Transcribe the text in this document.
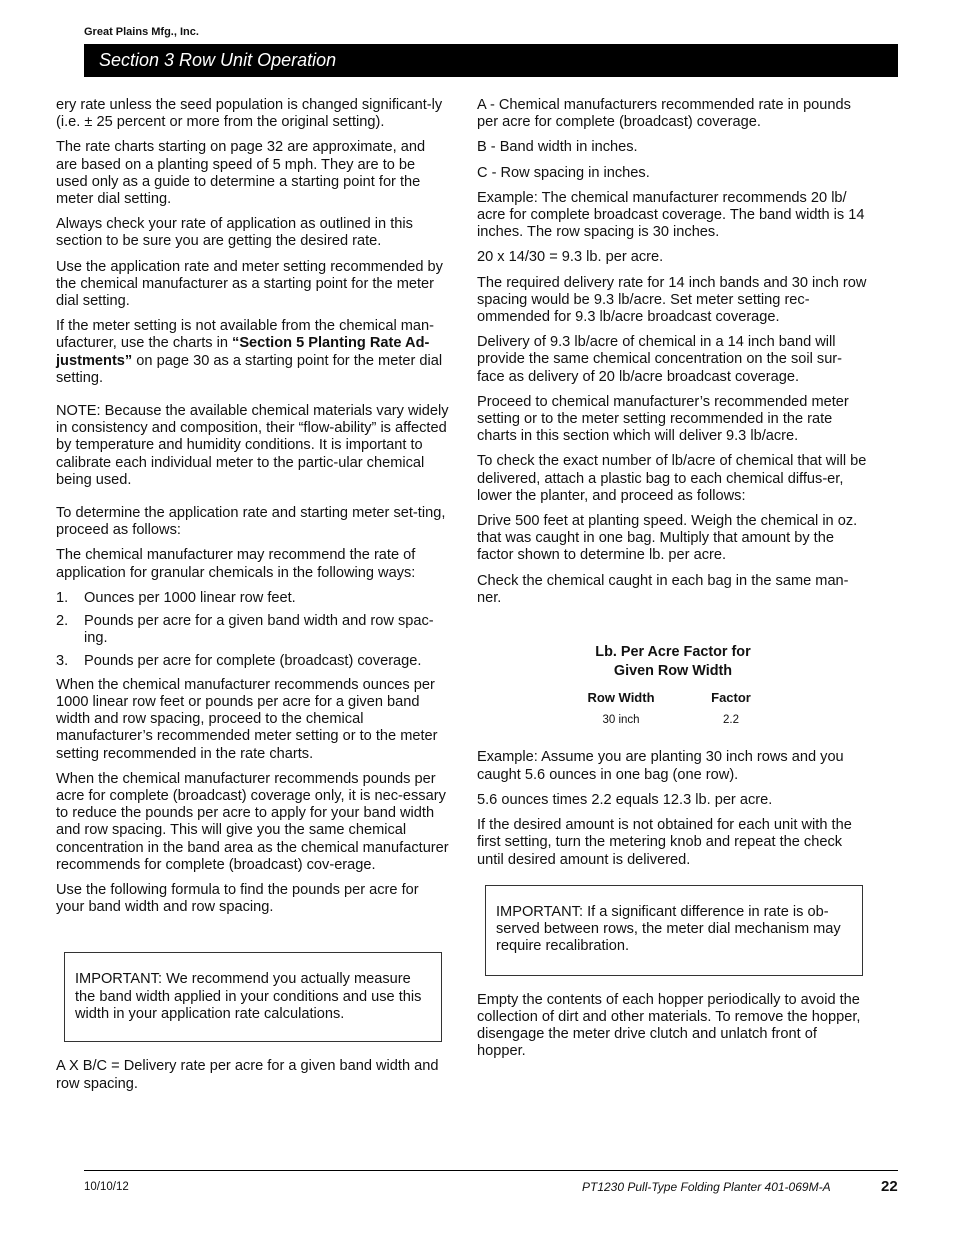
Great Plains Mfg., Inc.
Section 3 Row Unit Operation

ery rate unless the seed population is changed significant-ly (i.e. ± 25 percent or more from the original setting).

The rate charts starting on page 32 are approximate, and are based on a planting speed of 5 mph. They are to be used only as a guide to determine a starting point for the meter dial setting.

Always check your rate of application as outlined in this section to be sure you are getting the desired rate.

Use the application rate and meter setting recommended by the chemical manufacturer as a starting point for the meter dial setting.

If the meter setting is not available from the chemical man-ufacturer, use the charts in “Section 5 Planting Rate Ad-justments” on page 30 as a starting point for the meter dial setting.

NOTE: Because the available chemical materials vary widely in consistency and composition, their “flow-ability” is affected by temperature and humidity conditions. It is important to calibrate each individual meter to the partic-ular chemical being used.

To determine the application rate and starting meter set-ting, proceed as follows:

The chemical manufacturer may recommend the rate of application for granular chemicals in the following ways:

1. Ounces per 1000 linear row feet.
2. Pounds per acre for a given band width and row spac-ing.
3. Pounds per acre for complete (broadcast) coverage.

When the chemical manufacturer recommends ounces per 1000 linear row feet or pounds per acre for a given band width and row spacing, proceed to the chemical manufacturer’s recommended meter setting or to the meter setting recommended in the rate charts.

When the chemical manufacturer recommends pounds per acre for complete (broadcast) coverage only, it is nec-essary to reduce the pounds per acre to apply for your band width and row spacing. This will give you the same chemical concentration in the band area as the chemical manufacturer recommends for complete (broadcast) cov-erage.

Use the following formula to find the pounds per acre for your band width and row spacing.

IMPORTANT: We recommend you actually measure the band width applied in your conditions and use this width in your application rate calculations.

A X B/C = Delivery rate per acre for a given band width and row spacing.

A - Chemical manufacturers recommended rate in pounds per acre for complete (broadcast) coverage.

B - Band width in inches.

C - Row spacing in inches.

Example: The chemical manufacturer recommends 20 lb/ acre for complete broadcast coverage. The band width is 14 inches. The row spacing is 30 inches.

20 x 14/30 = 9.3 lb. per acre.

The required delivery rate for 14 inch bands and 30 inch row spacing would be 9.3 lb/acre. Set meter setting rec-ommended for 9.3 lb/acre broadcast coverage.

Delivery of 9.3 lb/acre of chemical in a 14 inch band will provide the same chemical concentration on the soil sur-face as delivery of 20 lb/acre broadcast coverage.

Proceed to chemical manufacturer’s recommended meter setting or to the meter setting recommended in the rate charts in this section which will deliver 9.3 lb/acre.

To check the exact number of lb/acre of chemical that will be delivered, attach a plastic bag to each chemical diffus-er, lower the planter, and proceed as follows:

Drive 500 feet at planting speed. Weigh the chemical in oz. that was caught in one bag. Multiply that amount by the factor shown to determine lb. per acre.

Check the chemical caught in each bag in the same man-ner.

Lb. Per Acre Factor for
Given Row Width
Row Width		Factor
30 inch		2.2

Example: Assume you are planting 30 inch rows and you caught 5.6 ounces in one bag (one row).

5.6 ounces times 2.2 equals 12.3 lb. per acre.

If the desired amount is not obtained for each unit with the first setting, turn the metering knob and repeat the check until desired amount is delivered.

IMPORTANT: If a significant difference in rate is ob-served between rows, the meter dial mechanism may require recalibration.

Empty the contents of each hopper periodically to avoid the collection of dirt and other materials. To remove the hopper, disengage the meter drive clutch and unlatch front of hopper.

10/10/12	PT1230 Pull-Type Folding Planter 401-069M-A	22
